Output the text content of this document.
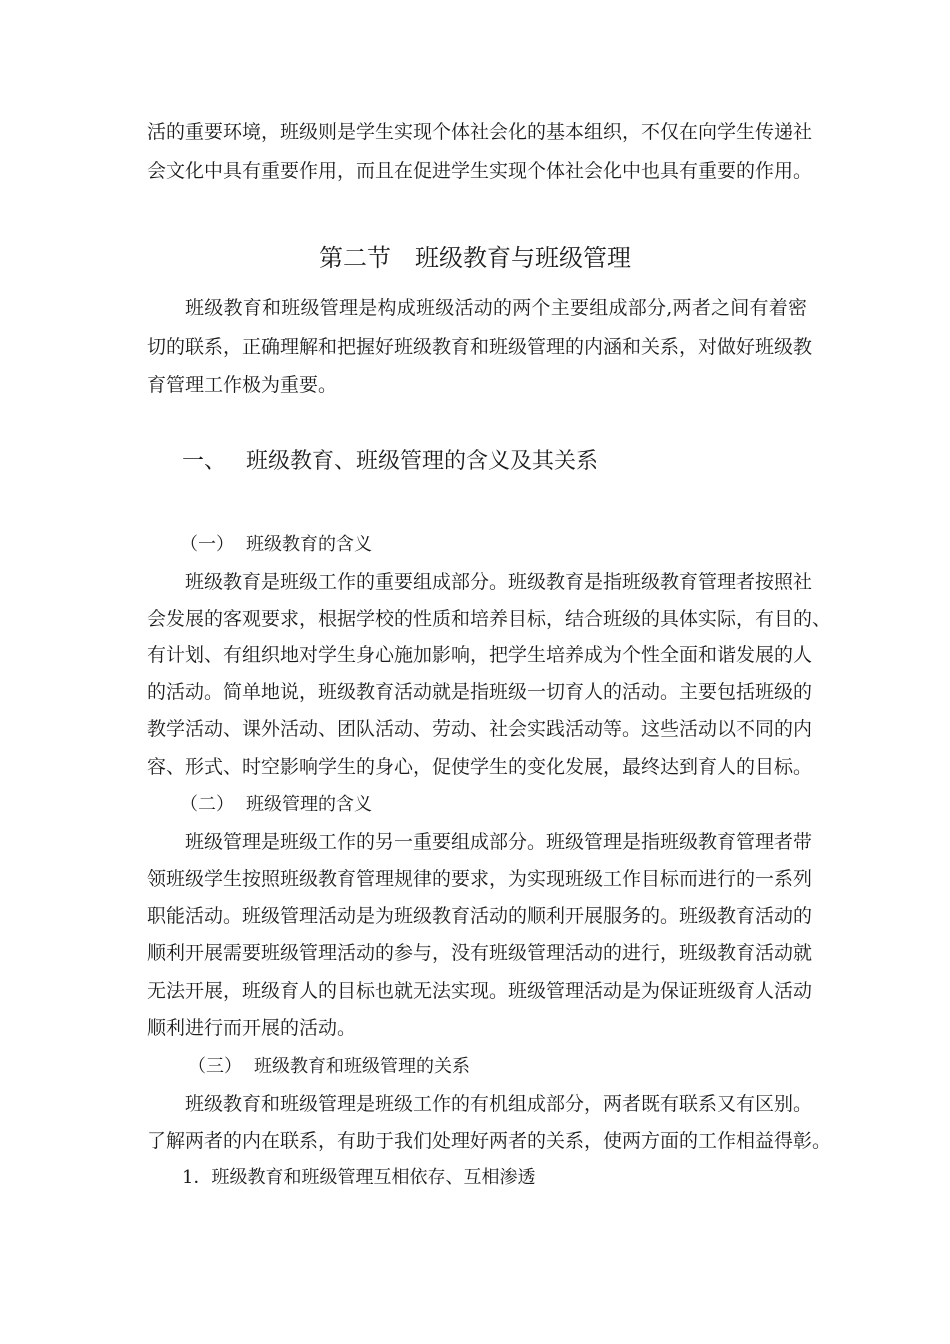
活的重要环境，班级则是学生实现个体社会化的基本组织，不仅在向学生传递社
会文化中具有重要作用，而且在促进学生实现个体社会化中也具有重要的作用。
第二节　班级教育与班级管理
班级教育和班级管理是构成班级活动的两个主要组成部分,两者之间有着密
切的联系，正确理解和把握好班级教育和班级管理的内涵和关系，对做好班级教
育管理工作极为重要。
一、 班级教育、班级管理的含义及其关系
（一） 班级教育的含义
班级教育是班级工作的重要组成部分。班级教育是指班级教育管理者按照社
会发展的客观要求，根据学校的性质和培养目标，结合班级的具体实际，有目的、
有计划、有组织地对学生身心施加影响，把学生培养成为个性全面和谐发展的人
的活动。简单地说，班级教育活动就是指班级一切育人的活动。主要包括班级的
教学活动、课外活动、团队活动、劳动、社会实践活动等。这些活动以不同的内
容、形式、时空影响学生的身心，促使学生的变化发展，最终达到育人的目标。
（二） 班级管理的含义
班级管理是班级工作的另一重要组成部分。班级管理是指班级教育管理者带
领班级学生按照班级教育管理规律的要求，为实现班级工作目标而进行的一系列
职能活动。班级管理活动是为班级教育活动的顺利开展服务的。班级教育活动的
顺利开展需要班级管理活动的参与，没有班级管理活动的进行，班级教育活动就
无法开展，班级育人的目标也就无法实现。班级管理活动是为保证班级育人活动
顺利进行而开展的活动。
（三） 班级教育和班级管理的关系
班级教育和班级管理是班级工作的有机组成部分，两者既有联系又有区别。
了解两者的内在联系，有助于我们处理好两者的关系，使两方面的工作相益得彰。
1．班级教育和班级管理互相依存、互相渗透
